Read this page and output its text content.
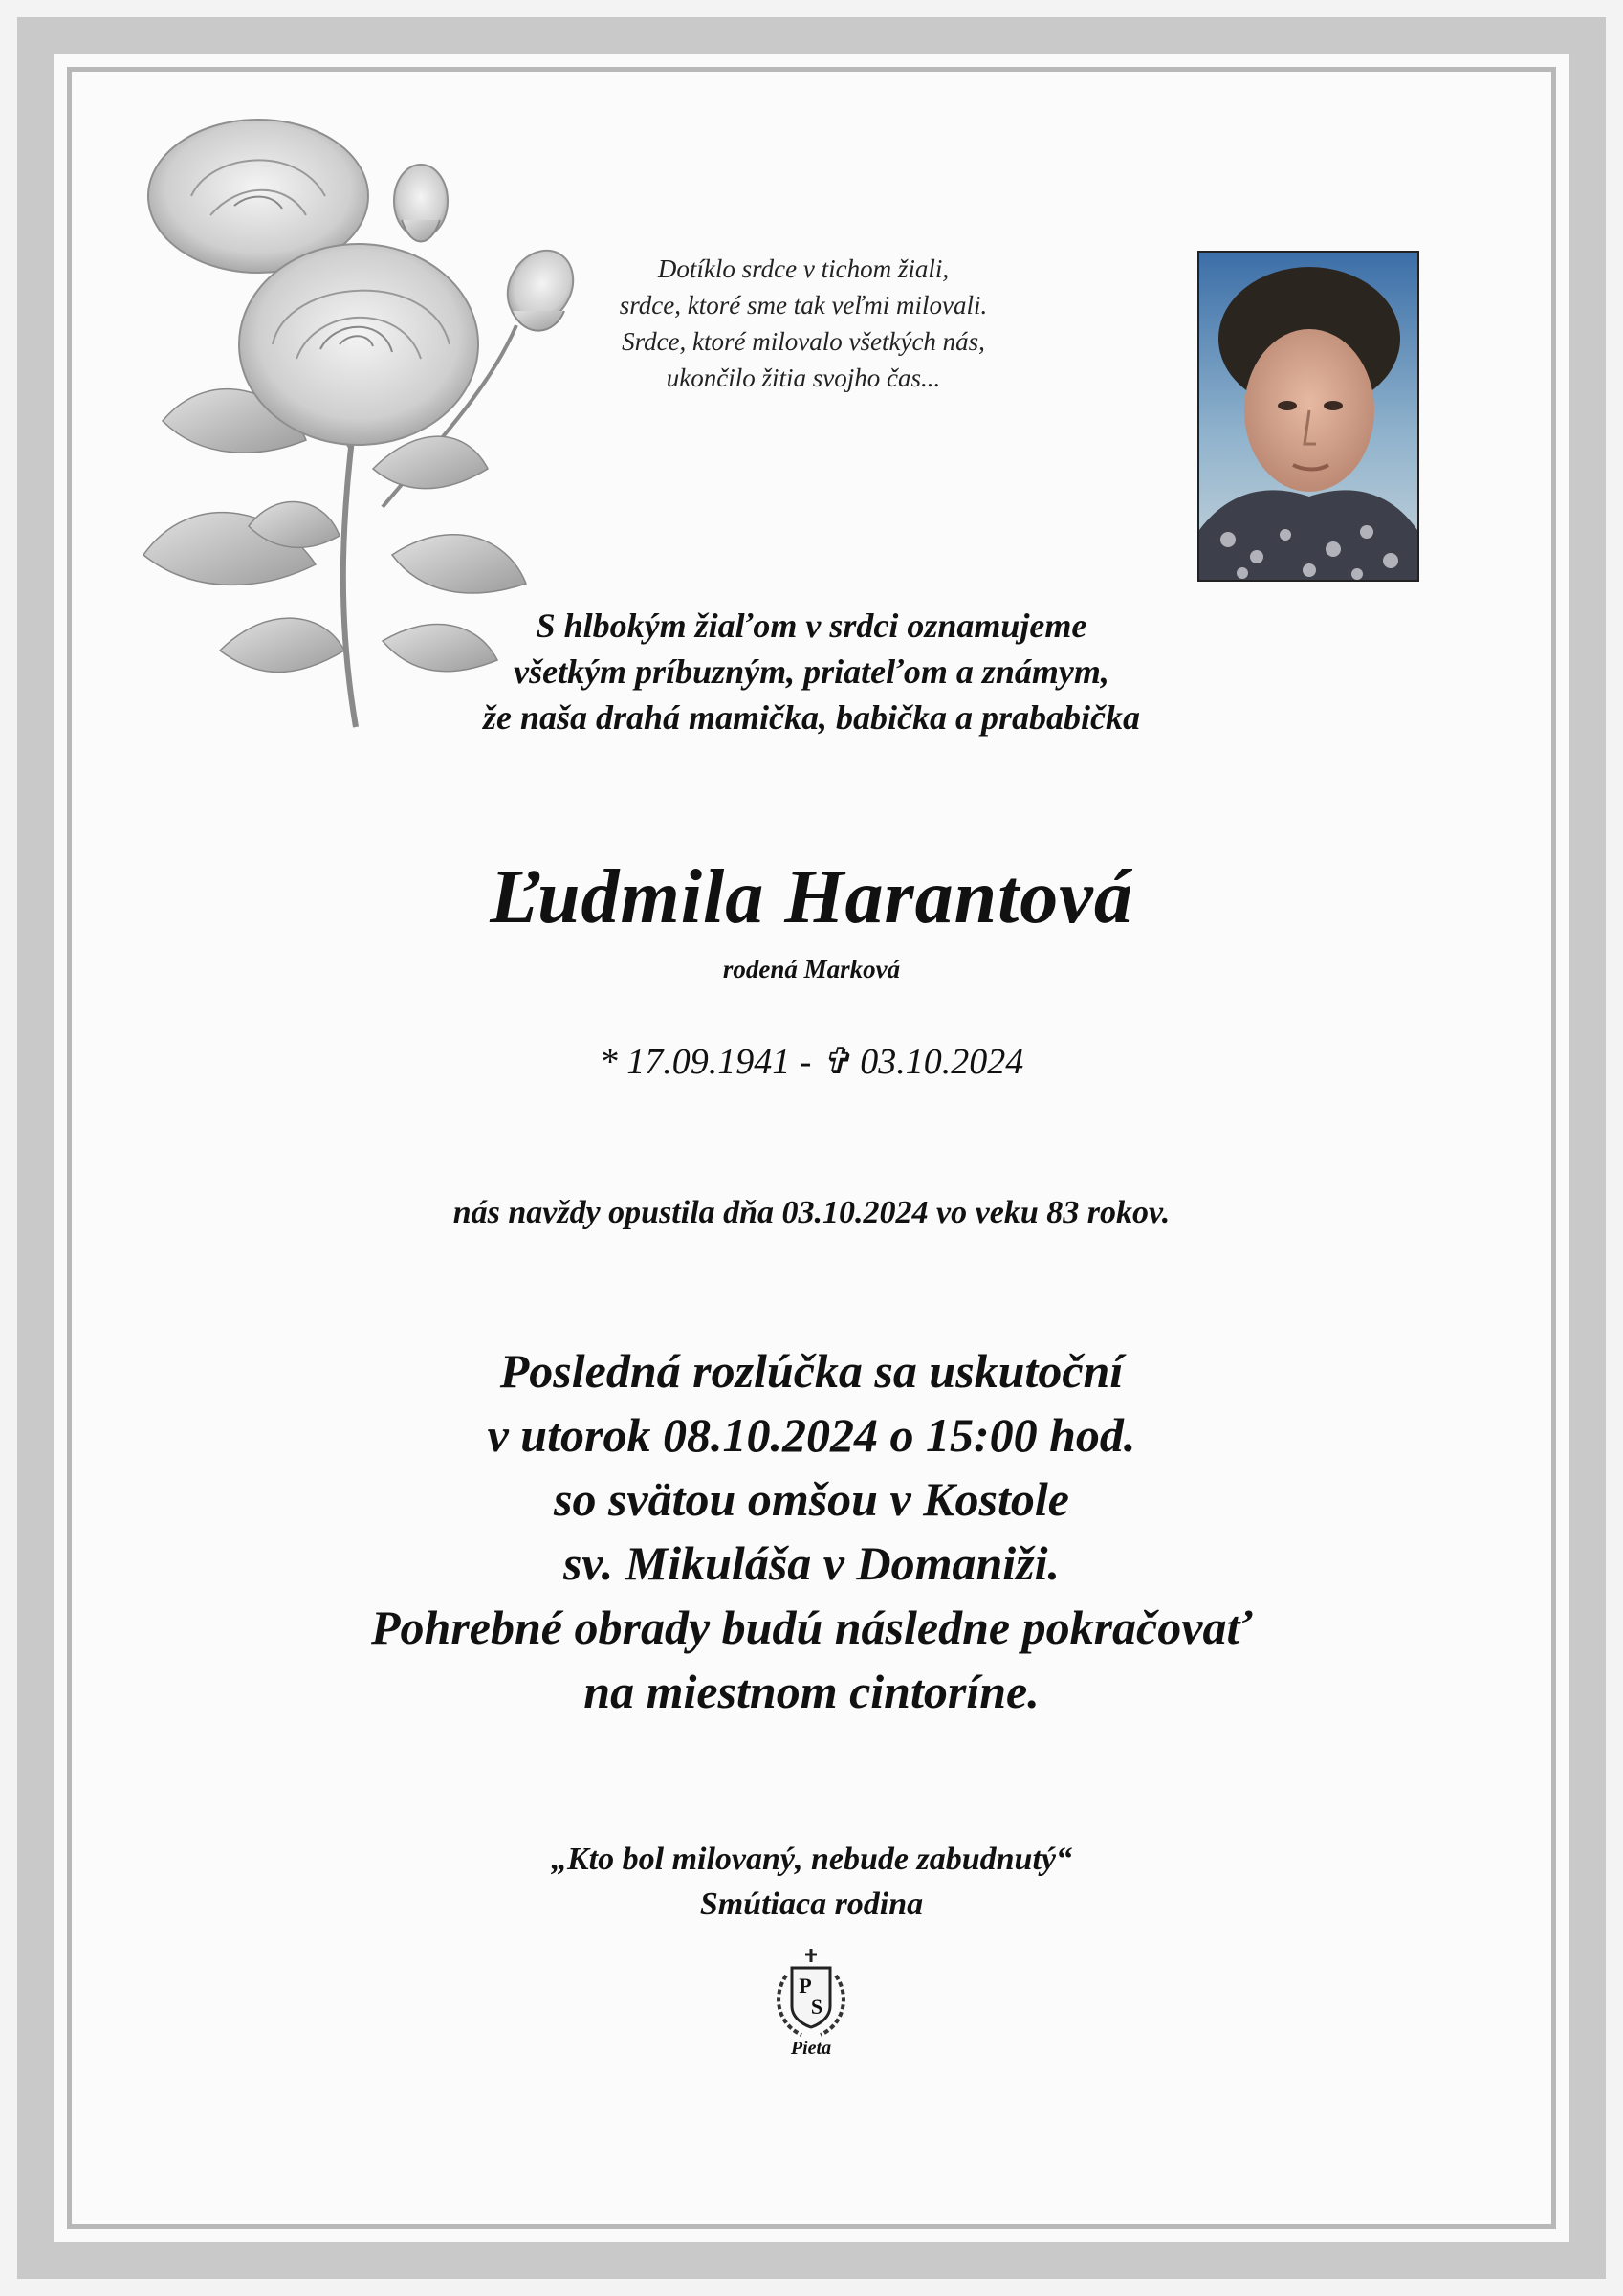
Dotíklo srdce v tichom žiali,
srdce, ktoré sme tak veľmi milovali.
Srdce, ktoré milovalo všetkých nás,
ukončilo žitia svojho čas...
S hlbokým žiaľom v srdci oznamujeme
všetkým príbuzným, priateľom a známym,
že naša drahá mamička, babička a prababička
Ľudmila Harantová
rodená Marková
* 17.09.1941 - ✞ 03.10.2024
nás navždy opustila dňa 03.10.2024 vo veku 83 rokov.
Posledná rozlúčka sa uskutoční
v utorok 08.10.2024 o 15:00 hod.
so svätou omšou v Kostole
sv. Mikuláša v Domaniži.
Pohrebné obrady budú následne pokračovať
na miestnom cintoríne.
„Kto bol milovaný, nebude zabudnutý“
Smútiaca rodina
P
S
Pieta
